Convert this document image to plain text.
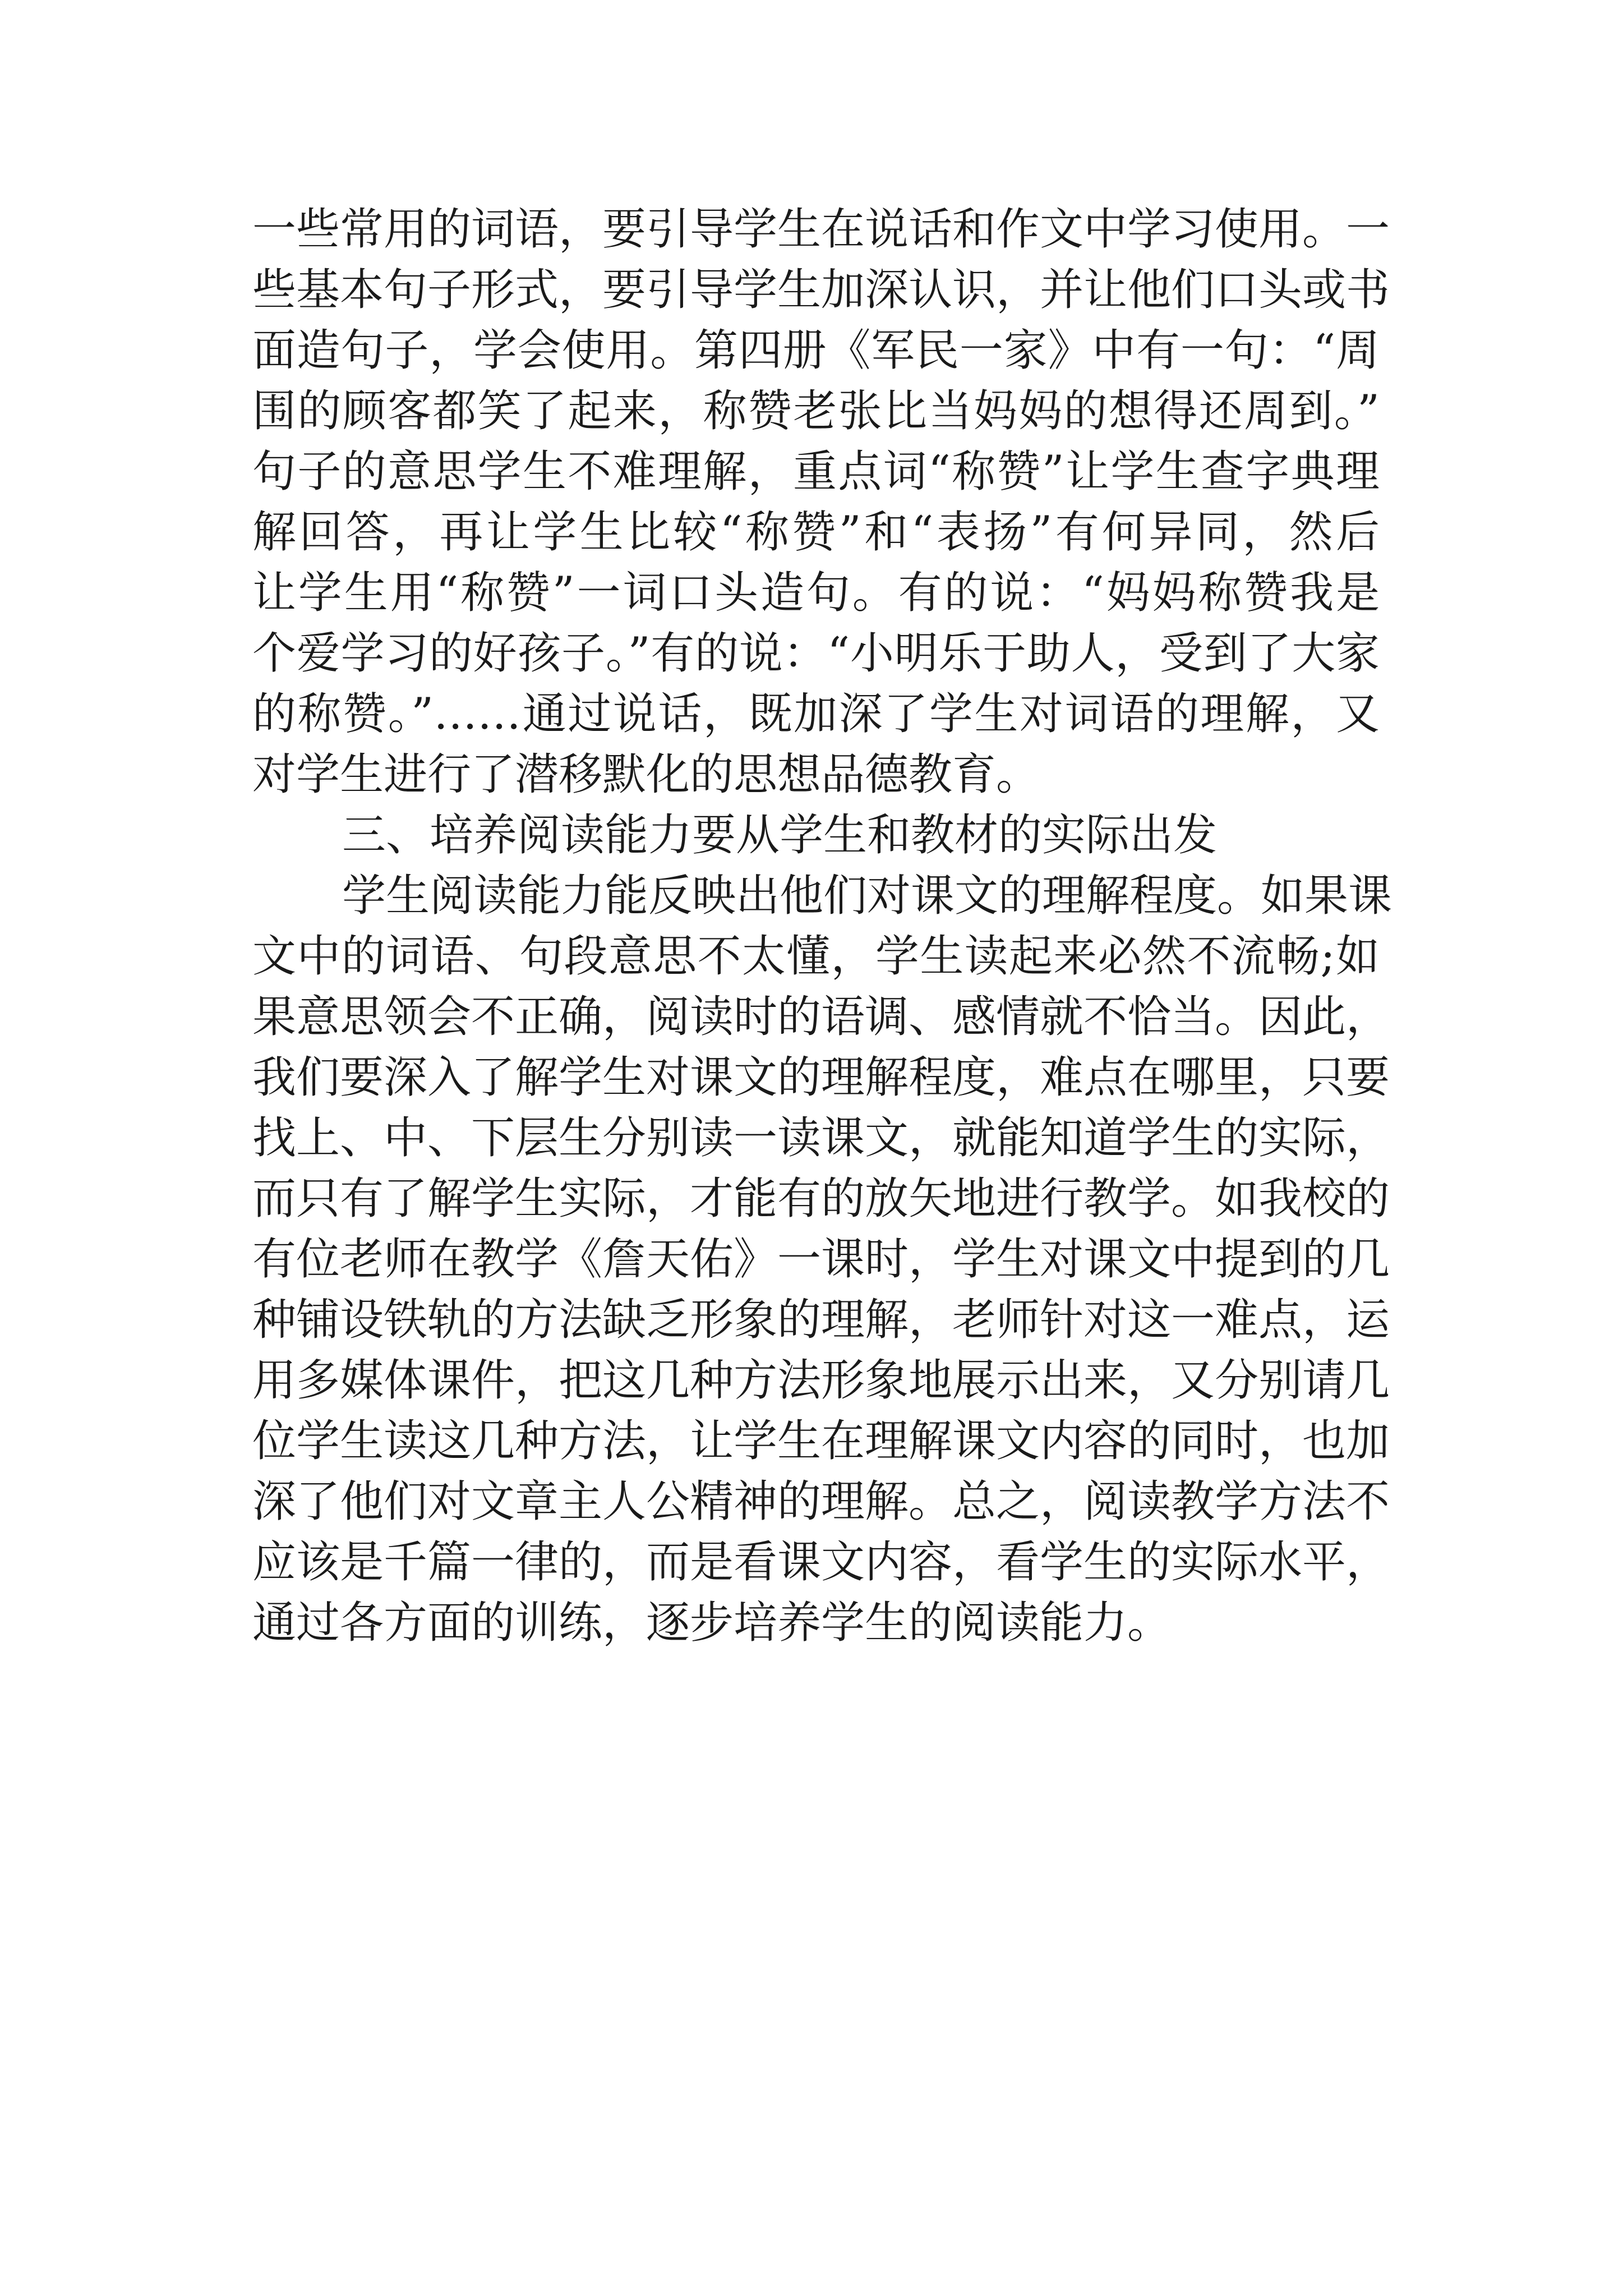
一些常用的词语，要引导学生在说话和作文中学习使用。一
些基本句子形式，要引导学生加深认识，并让他们口头或书
面造句子，学会使用。第四册《军民一家》中有一句：“周
围的顾客都笑了起来，称赞老张比当妈妈的想得还周到。”
句子的意思学生不难理解，重点词“称赞”让学生查字典理
解回答，再让学生比较“称赞”和“表扬”有何异同，然后
让学生用“称赞”一词口头造句。有的说：“妈妈称赞我是
个爱学习的好孩子。”有的说：“小明乐于助人，受到了大家
的称赞。”……通过说话，既加深了学生对词语的理解，又
对学生进行了潜移默化的思想品德教育。
三、培养阅读能力要从学生和教材的实际出发
学生阅读能力能反映出他们对课文的理解程度。如果课
文中的词语、句段意思不太懂，学生读起来必然不流畅;如
果意思领会不正确，阅读时的语调、感情就不恰当。因此，
我们要深入了解学生对课文的理解程度，难点在哪里，只要
找上、中、下层生分别读一读课文，就能知道学生的实际，
而只有了解学生实际，才能有的放矢地进行教学。如我校的
有位老师在教学《詹天佑》一课时，学生对课文中提到的几
种铺设铁轨的方法缺乏形象的理解，老师针对这一难点，运
用多媒体课件，把这几种方法形象地展示出来，又分别请几
位学生读这几种方法，让学生在理解课文内容的同时，也加
深了他们对文章主人公精神的理解。总之，阅读教学方法不
应该是千篇一律的，而是看课文内容，看学生的实际水平，
通过各方面的训练，逐步培养学生的阅读能力。
